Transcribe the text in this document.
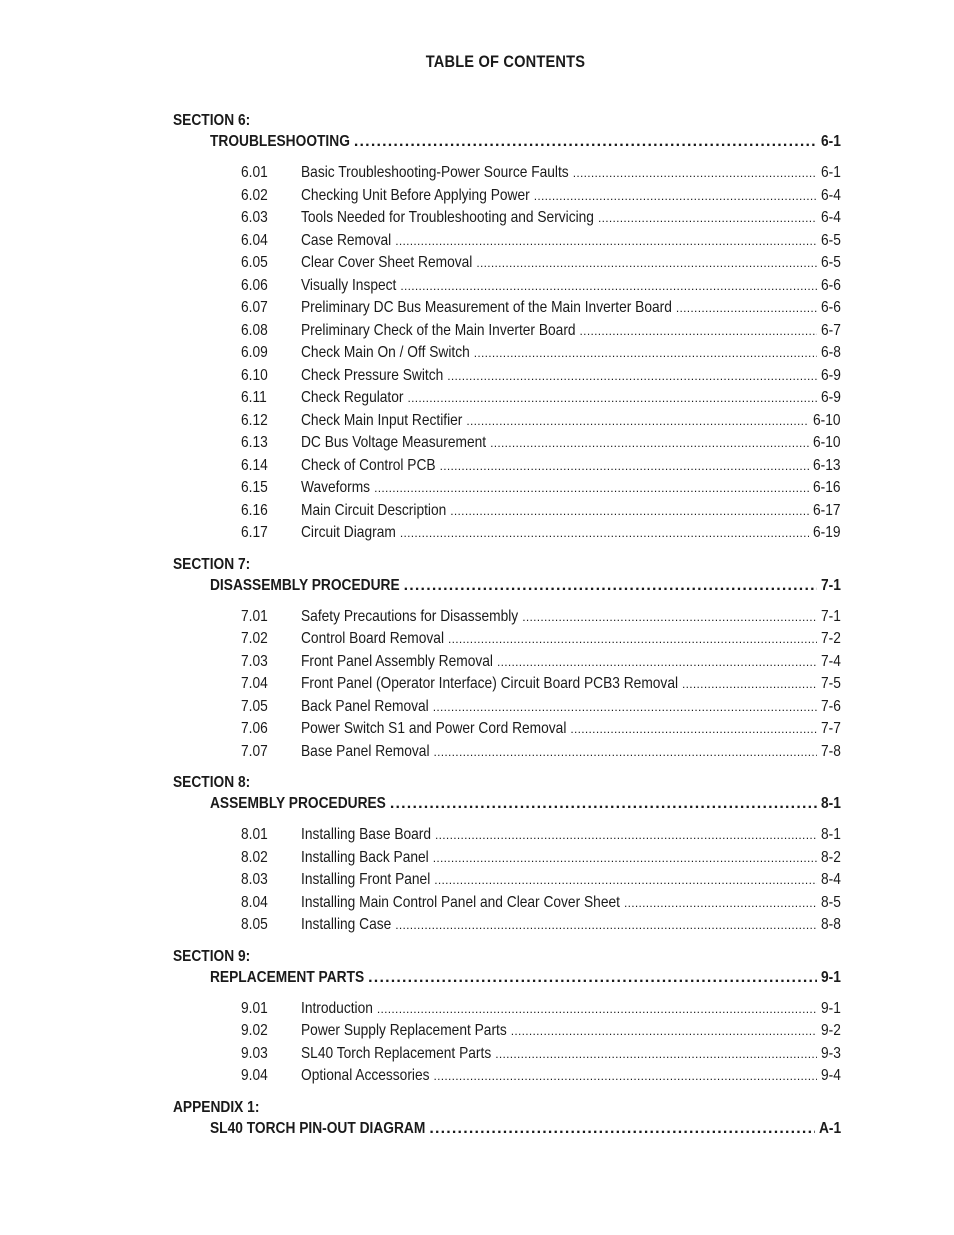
TABLE OF CONTENTS
SECTION 6:
TROUBLESHOOTING .....	6-1
6.01	Basic Troubleshooting-Power Source Faults .....	6-1
6.02	Checking Unit Before Applying Power .....	6-4
6.03	Tools Needed for Troubleshooting and Servicing .....	6-4
6.04	Case Removal .....	6-5
6.05	Clear Cover Sheet Removal .....	6-5
6.06	Visually Inspect .....	6-6
6.07	Preliminary DC Bus Measurement of the Main Inverter Board .....	6-6
6.08	Preliminary Check of the Main Inverter Board .....	6-7
6.09	Check Main On / Off Switch .....	6-8
6.10	Check Pressure Switch .....	6-9
6.11	Check Regulator .....	6-9
6.12	Check Main Input Rectifier .....	6-10
6.13	DC Bus Voltage Measurement .....	6-10
6.14	Check of Control PCB .....	6-13
6.15	Waveforms .....	6-16
6.16	Main Circuit Description .....	6-17
6.17	Circuit Diagram .....	6-19
SECTION 7:
DISASSEMBLY PROCEDURE .....	7-1
7.01	Safety Precautions for Disassembly .....	7-1
7.02	Control Board Removal .....	7-2
7.03	Front Panel Assembly Removal .....	7-4
7.04	Front Panel (Operator Interface) Circuit Board PCB3 Removal .....	7-5
7.05	Back Panel Removal .....	7-6
7.06	Power Switch S1 and Power Cord Removal .....	7-7
7.07	Base Panel Removal .....	7-8
SECTION 8:
ASSEMBLY PROCEDURES .....	8-1
8.01	Installing Base Board .....	8-1
8.02	Installing Back Panel .....	8-2
8.03	Installing Front Panel .....	8-4
8.04	Installing Main Control Panel and Clear Cover Sheet .....	8-5
8.05	Installing Case .....	8-8
SECTION 9:
REPLACEMENT PARTS .....	9-1
9.01	Introduction .....	9-1
9.02	Power Supply Replacement Parts .....	9-2
9.03	SL40 Torch Replacement Parts .....	9-3
9.04	Optional Accessories .....	9-4
APPENDIX 1:
SL40 TORCH PIN-OUT DIAGRAM .....	A-1
